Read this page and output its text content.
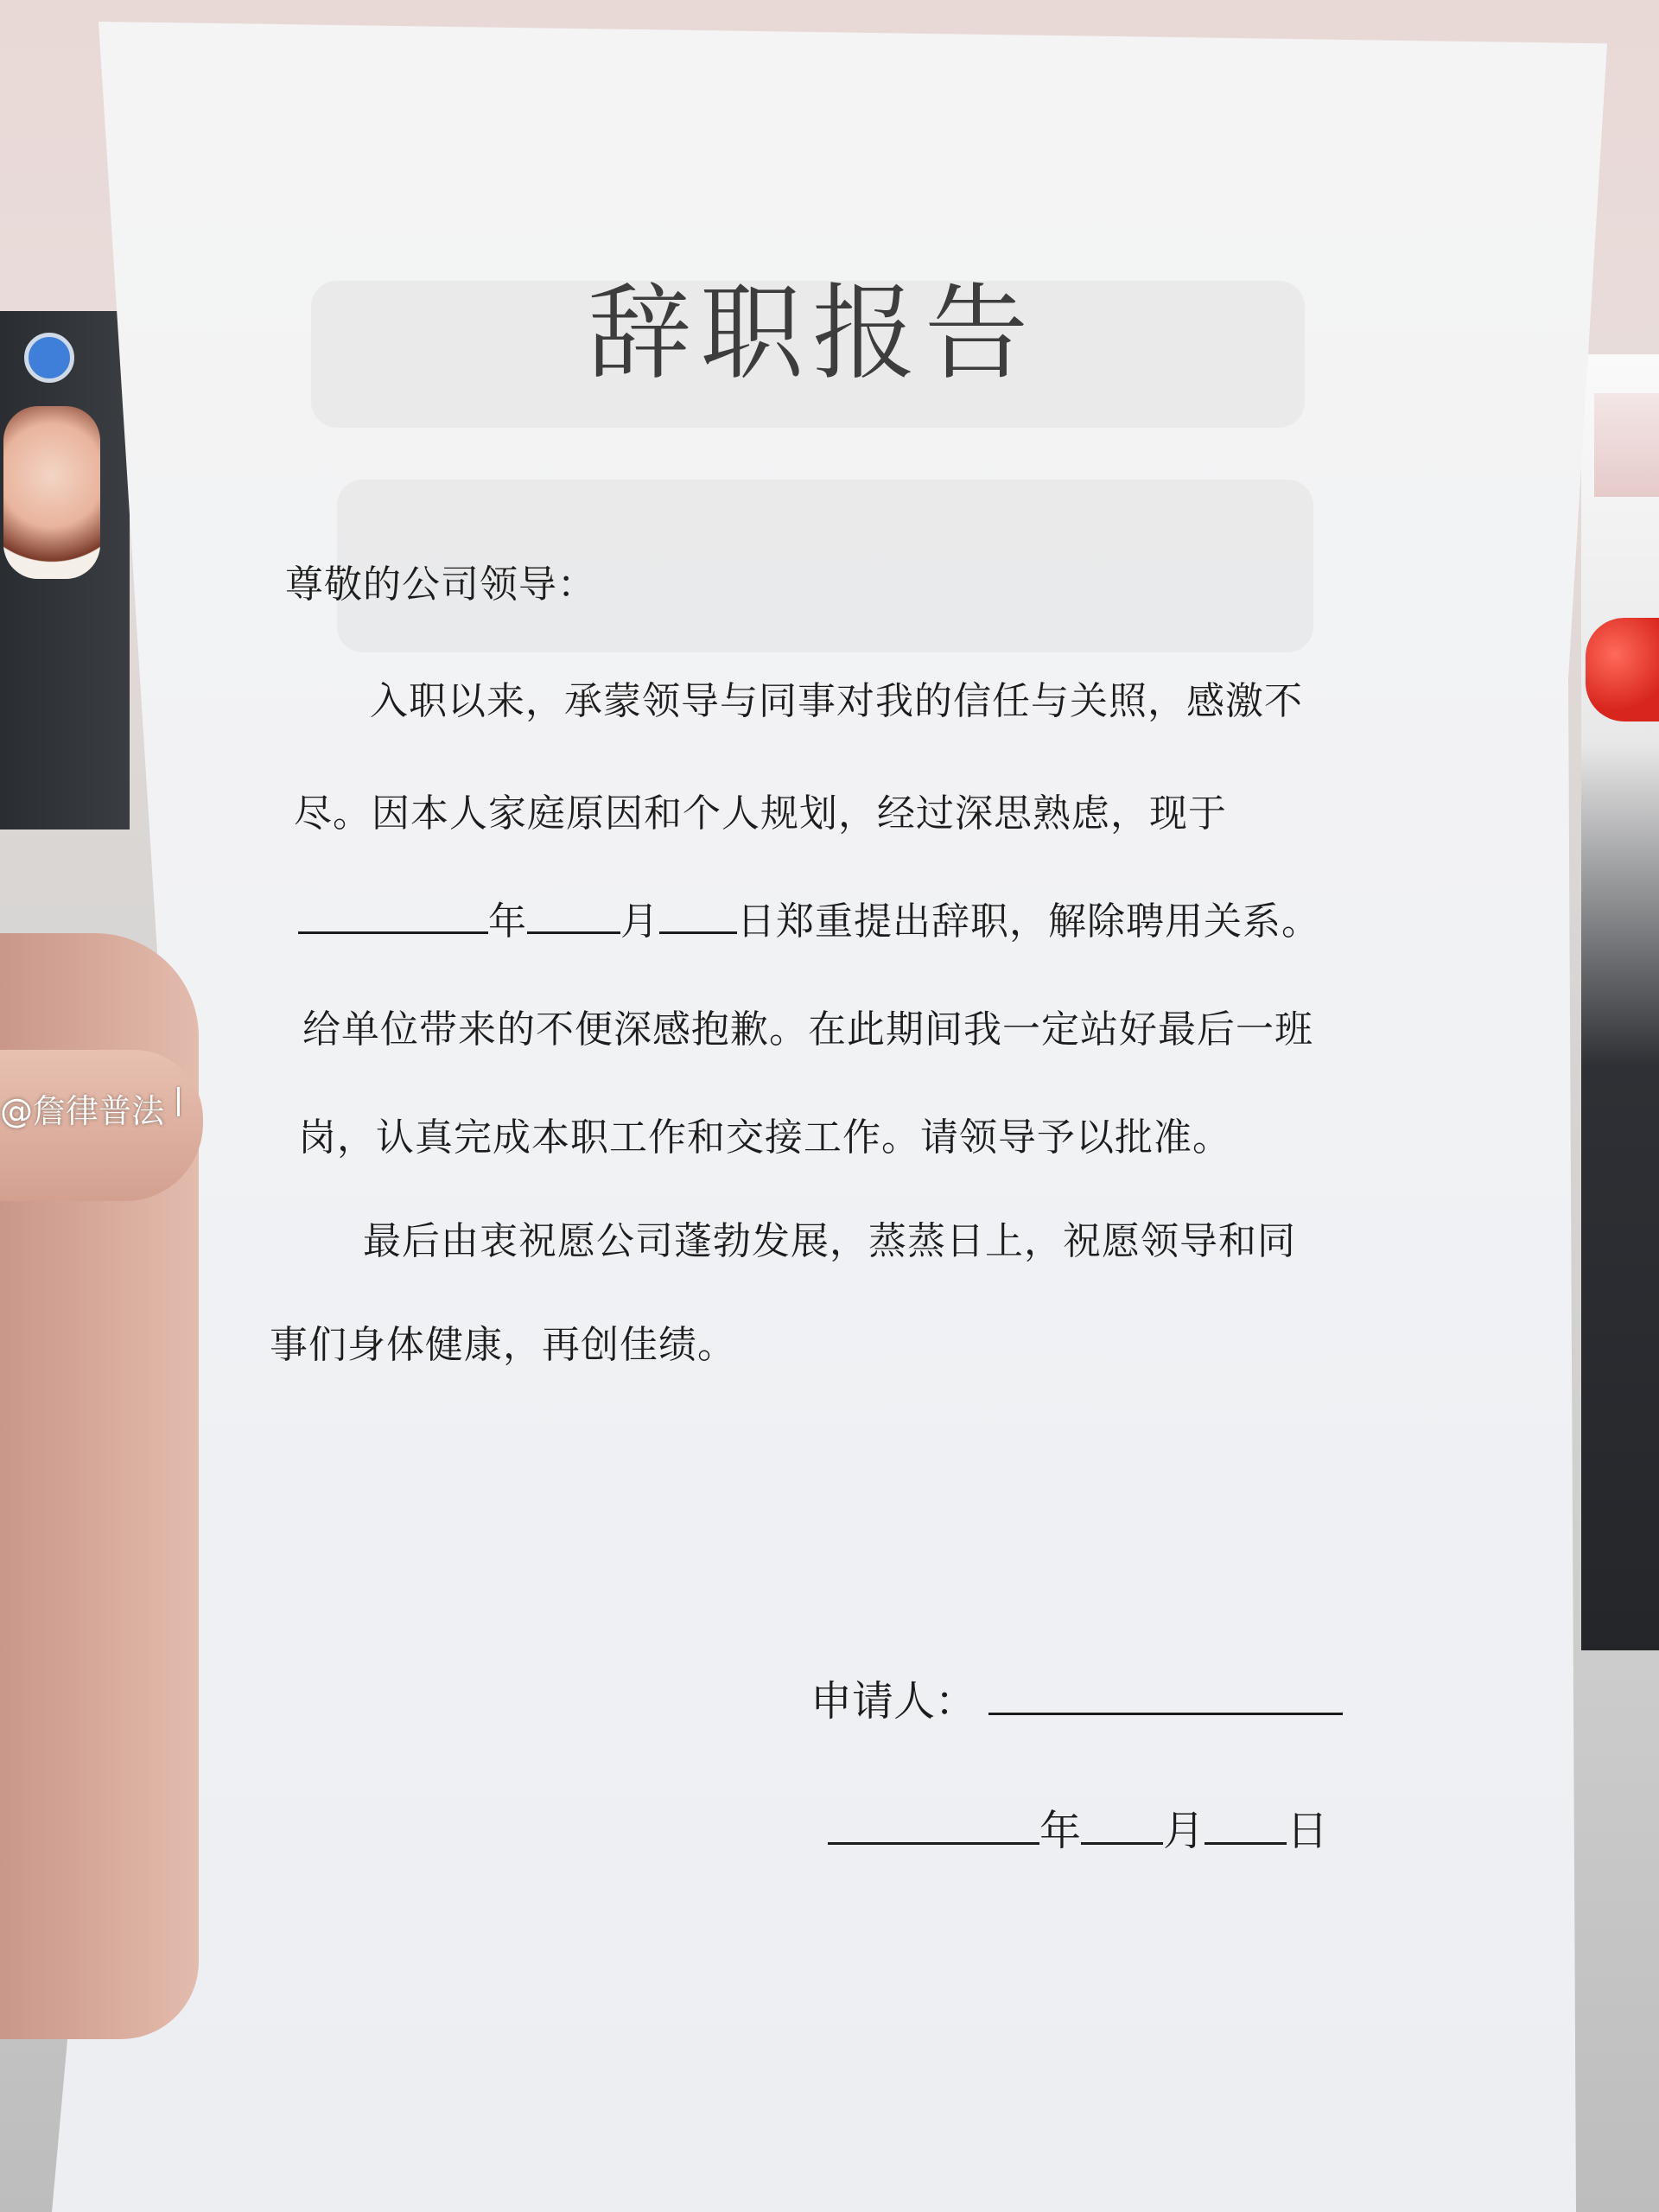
辞职报告
尊敬的公司领导：
入职以来，承蒙领导与同事对我的信任与关照，感激不
尽。因本人家庭原因和个人规划，经过深思熟虑，现于
年 月 日郑重提出辞职，解除聘用关系。
给单位带来的不便深感抱歉。在此期间我一定站好最后一班
岗，认真完成本职工作和交接工作。请领导予以批准。
最后由衷祝愿公司蓬勃发展，蒸蒸日上，祝愿领导和同
事们身体健康，再创佳绩。
申请人：
年 月 日
@詹律普法
